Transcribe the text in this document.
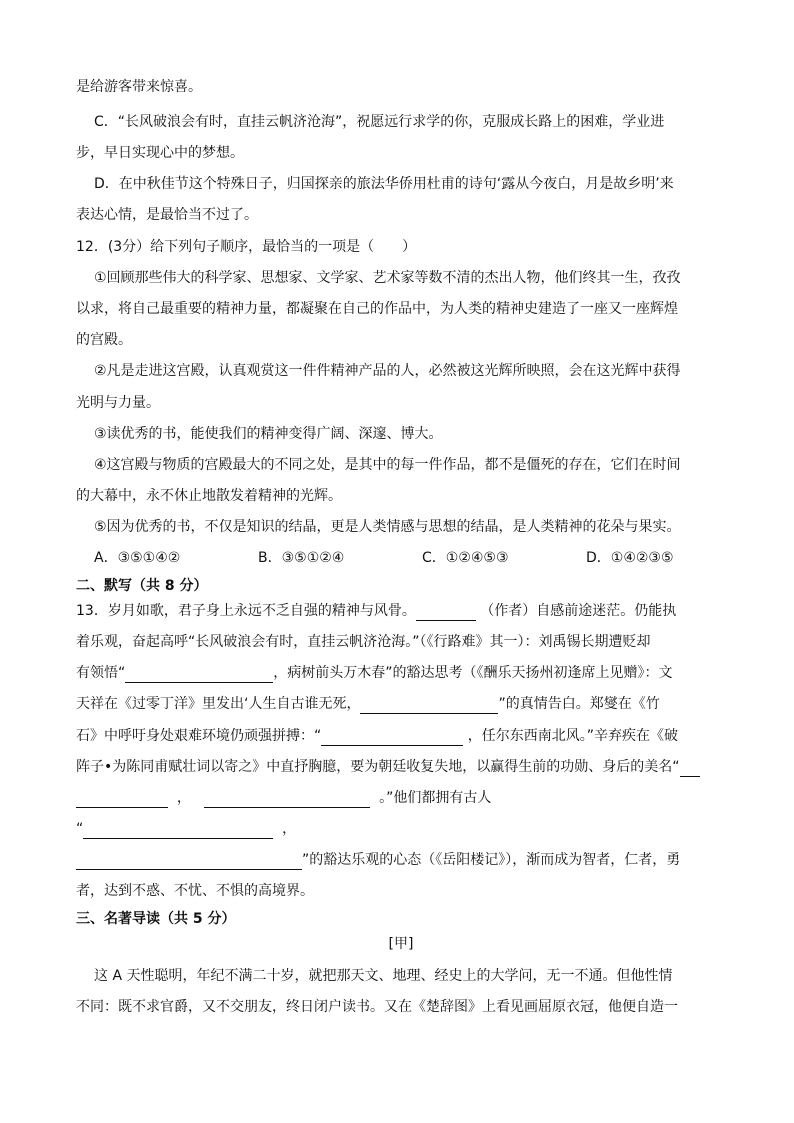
是给游客带来惊喜。
C．“长风破浪会有时，直挂云帆济沧海”，祝愿远行求学的你，克服成长路上的困难，学业进
步，早日实现心中的梦想。
D．在中秋佳节这个特殊日子，归国探亲的旅法华侨用杜甫的诗句‘露从今夜白，月是故乡明’来
表达心情，是最恰当不过了。
12．(3分）给下列句子顺序，最恰当的一项是（　　）
①回顾那些伟大的科学家、思想家、文学家、艺术家等数不清的杰出人物，他们终其一生，孜孜
以求，将自己最重要的精神力量，都凝聚在自己的作品中，为人类的精神史建造了一座又一座辉煌
的宫殿。
②凡是走进这宫殿，认真观赏这一件件精神产品的人，必然被这光辉所映照，会在这光辉中获得
光明与力量。
③读优秀的书，能使我们的精神变得广阔、深邃、博大。
④这宫殿与物质的宫殿最大的不同之处，是其中的每一件作品，都不是僵死的存在，它们在时间
的大幕中，永不休止地散发着精神的光辉。
⑤因为优秀的书，不仅是知识的结晶，更是人类情感与思想的结晶，是人类精神的花朵与果实。
A．③⑤①④②	B．③⑤①②④	C．①②④⑤③	D．①④②③⑤
二、默写（共 8 分）
13．岁月如歌，君子身上永远不乏自强的精神与风骨。	（作者）自感前途迷茫。仍能执
着乐观，奋起高呼“长风破浪会有时，直挂云帆济沧海。”（《行路难》其一）：刘禹锡长期遭贬却
有领悟“	，病树前头万木春”的豁达思考（《酬乐天扬州初逢席上见赠》：文
天祥在《过零丁洋》里发出‘人生自古谁无死，	”的真情告白。郑燮在《竹
石》中呼吁身处艰难环境仍顽强拼搏：“	，任尔东西南北风。”辛弃疾在《破
阵子•为陈同甫赋壮词以寄之》中直抒胸臆，要为朝廷收复失地，以赢得生前的功勋、身后的美名“
，	。”他们都拥有古人
“	，
”的豁达乐观的心态（《岳阳楼记》），渐而成为智者，仁者，勇
者，达到不惑、不忧、不惧的高境界。
三、名著导读（共 5 分）
[甲]
这 A 天性聪明，年纪不满二十岁，就把那天文、地理、经史上的大学问，无一不通。但他性情
不同：既不求官爵，又不交朋友，终日闭户读书。又在《楚辞图》上看见画屈原衣冠，他便自造一
